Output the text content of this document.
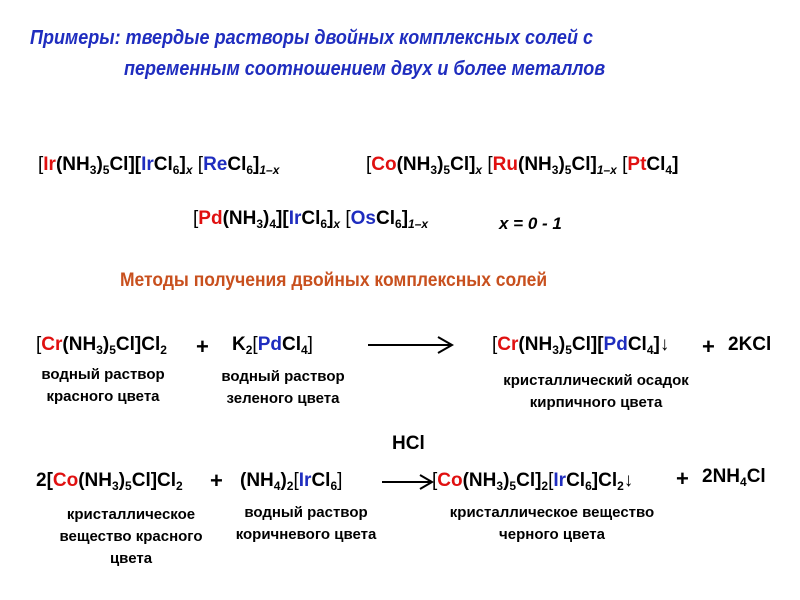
Примеры: твердые растворы двойных комплексных солей с
переменным соотношением двух и более металлов
$[Ir(NH_3)_5Cl][IrCl_6]_x$ $[ReCl_6]_{1-x}$	$[Co(NH_3)_5Cl]_x$ $[Ru(NH_3)_5Cl]_{1-x}$ [PtCl$_4$]
$[Pd(NH_3)_4][IrCl_6]_x$ $[OsCl_6]_{1-x}$	x = 0 - 1
Методы получения двойных комплексных солей
$[Cr(NH_3)_5Cl]Cl_2$ + $K_2[PdCl_4]$	$[Cr(NH_3)_5Cl][PdCl_4]↓ + 2KCl$
водный раствор красного цвета
водный раствор зеленого цвета
кристаллический осадок кирпичного цвета
HCl
$2[Co(NH_3)_5Cl]Cl_2$ + $(NH_4)_2[IrCl_6]$	$[Co(NH_3)_5Cl]_2[IrCl_6]Cl_2↓ + 2NH_4Cl$
кристаллическое вещество красного цвета
водный раствор коричневого цвета
кристаллическое вещество черного цвета
